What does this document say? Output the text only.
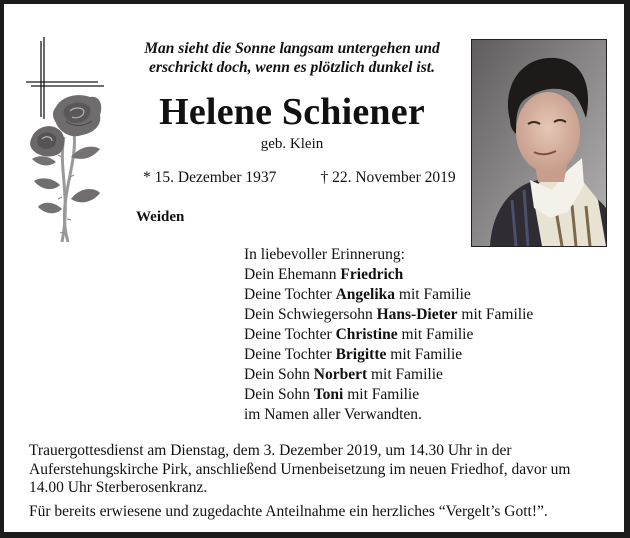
Man sieht die Sonne langsam untergehen und
erschrickt doch, wenn es plötzlich dunkel ist.
Helene Schiener
geb. Klein
* 15. Dezember 1937	† 22. November 2019
Weiden
In liebevoller Erinnerung:
Dein Ehemann Friedrich
Deine Tochter Angelika mit Familie
Dein Schwiegersohn Hans-Dieter mit Familie
Deine Tochter Christine mit Familie
Deine Tochter Brigitte mit Familie
Dein Sohn Norbert mit Familie
Dein Sohn Toni mit Familie
im Namen aller Verwandten.
Trauergottesdienst am Dienstag, dem 3. Dezember 2019, um 14.30 Uhr in der
Auferstehungskirche Pirk, anschließend Urnenbeisetzung im neuen Friedhof, davor um
14.00 Uhr Sterberosenkranz.
Für bereits erwiesene und zugedachte Anteilnahme ein herzliches “Vergelt’s Gott!”.
